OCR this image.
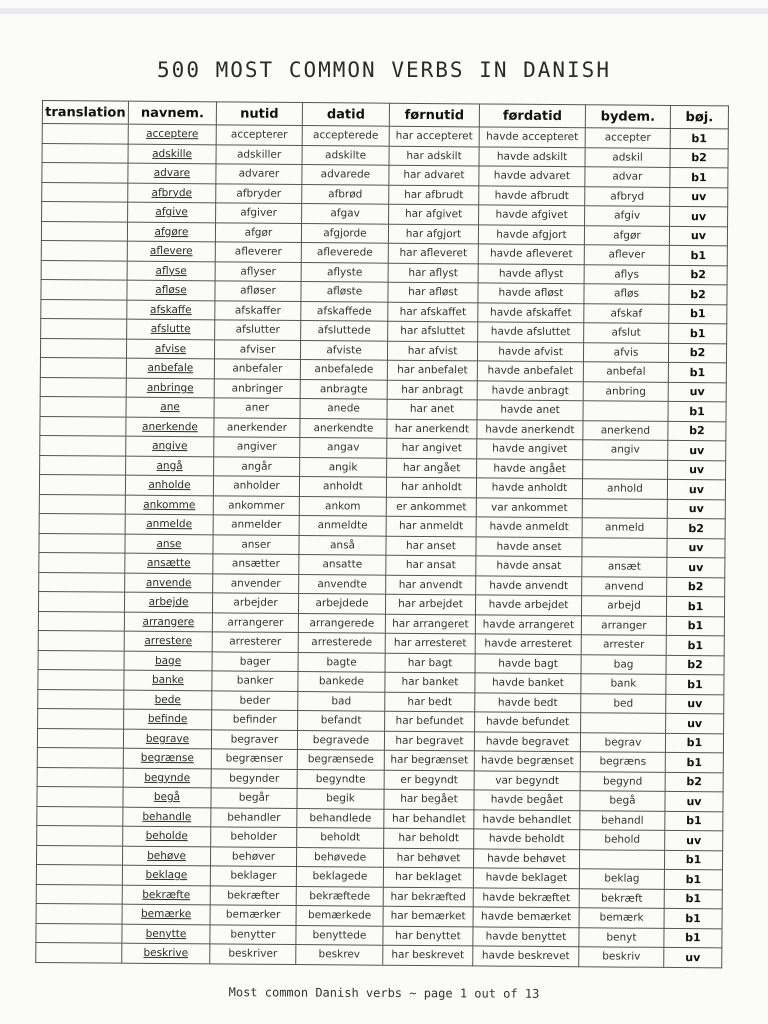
500 MOST COMMON VERBS IN DANISH
translation	navnem.	nutid	datid	førnutid	førdatid	bydem.	bøj.
	acceptere	accepterer	accepterede	har accepteret	havde accepteret	accepter	b1
	adskille	adskiller	adskilte	har adskilt	havde adskilt	adskil	b2
	advare	advarer	advarede	har advaret	havde advaret	advar	b1
	afbryde	afbryder	afbrød	har afbrudt	havde afbrudt	afbryd	uv
	afgive	afgiver	afgav	har afgivet	havde afgivet	afgiv	uv
	afgøre	afgør	afgjorde	har afgjort	havde afgjort	afgør	uv
	aflevere	afleverer	afleverede	har afleveret	havde afleveret	aflever	b1
	aflyse	aflyser	aflyste	har aflyst	havde aflyst	aflys	b2
	afløse	afløser	afløste	har afløst	havde afløst	afløs	b2
	afskaffe	afskaffer	afskaffede	har afskaffet	havde afskaffet	afskaf	b1
	afslutte	afslutter	afsluttede	har afsluttet	havde afsluttet	afslut	b1
	afvise	afviser	afviste	har afvist	havde afvist	afvis	b2
	anbefale	anbefaler	anbefalede	har anbefalet	havde anbefalet	anbefal	b1
	anbringe	anbringer	anbragte	har anbragt	havde anbragt	anbring	uv
	ane	aner	anede	har anet	havde anet		b1
	anerkende	anerkender	anerkendte	har anerkendt	havde anerkendt	anerkend	b2
	angive	angiver	angav	har angivet	havde angivet	angiv	uv
	angå	angår	angik	har angået	havde angået		uv
	anholde	anholder	anholdt	har anholdt	havde anholdt	anhold	uv
	ankomme	ankommer	ankom	er ankommet	var ankommet		uv
	anmelde	anmelder	anmeldte	har anmeldt	havde anmeldt	anmeld	b2
	anse	anser	anså	har anset	havde anset		uv
	ansætte	ansætter	ansatte	har ansat	havde ansat	ansæt	uv
	anvende	anvender	anvendte	har anvendt	havde anvendt	anvend	b2
	arbejde	arbejder	arbejdede	har arbejdet	havde arbejdet	arbejd	b1
	arrangere	arrangerer	arrangerede	har arrangeret	havde arrangeret	arranger	b1
	arrestere	arresterer	arresterede	har arresteret	havde arresteret	arrester	b1
	bage	bager	bagte	har bagt	havde bagt	bag	b2
	banke	banker	bankede	har banket	havde banket	bank	b1
	bede	beder	bad	har bedt	havde bedt	bed	uv
	befinde	befinder	befandt	har befundet	havde befundet		uv
	begrave	begraver	begravede	har begravet	havde begravet	begrav	b1
	begrænse	begrænser	begrænsede	har begrænset	havde begrænset	begræns	b1
	begynde	begynder	begyndte	er begyndt	var begyndt	begynd	b2
	begå	begår	begik	har begået	havde begået	begå	uv
	behandle	behandler	behandlede	har behandlet	havde behandlet	behandl	b1
	beholde	beholder	beholdt	har beholdt	havde beholdt	behold	uv
	behøve	behøver	behøvede	har behøvet	havde behøvet		b1
	beklage	beklager	beklagede	har beklaget	havde beklaget	beklag	b1
	bekræfte	bekræfter	bekræftede	har bekræfted	havde bekræftet	bekræft	b1
	bemærke	bemærker	bemærkede	har bemærket	havde bemærket	bemærk	b1
	benytte	benytter	benyttede	har benyttet	havde benyttet	benyt	b1
	beskrive	beskriver	beskrev	har beskrevet	havde beskrevet	beskriv	uv
Most common Danish verbs ~ page 1 out of 13
